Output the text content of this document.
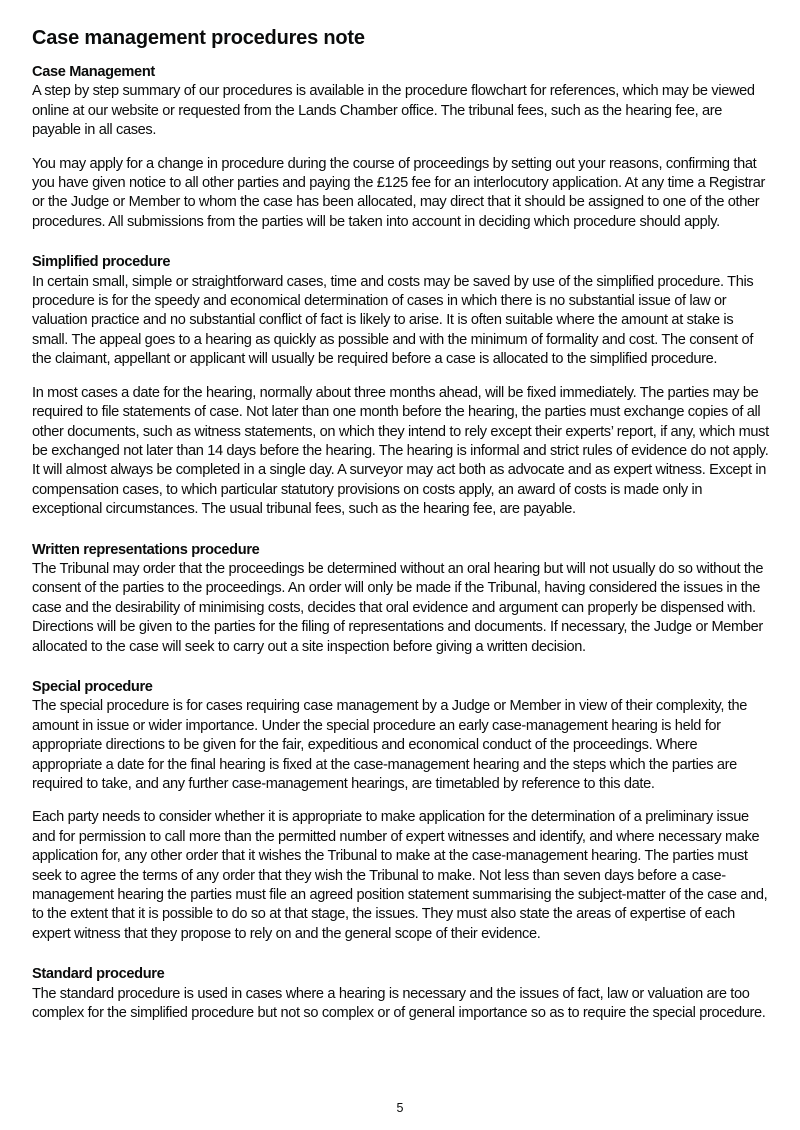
Case management procedures note
Case Management

A step by step summary of our procedures is available in the procedure flowchart for references, which may be viewed online at our website or requested from the Lands Chamber office. The tribunal fees, such as the hearing fee, are payable in all cases.

You may apply for a change in procedure during the course of proceedings by setting out your reasons, confirming that you have given notice to all other parties and paying the £125 fee for an interlocutory application. At any time a Registrar or the Judge or Member to whom the case has been allocated, may direct that it should be assigned to one of the other procedures. All submissions from the parties will be taken into account in deciding which procedure should apply.

Simplified procedure

In certain small, simple or straightforward cases, time and costs may be saved by use of the simplified procedure. This procedure is for the speedy and economical determination of cases in which there is no substantial issue of law or valuation practice and no substantial conflict of fact is likely to arise. It is often suitable where the amount at stake is small. The appeal goes to a hearing as quickly as possible and with the minimum of formality and cost. The consent of the claimant, appellant or applicant will usually be required before a case is allocated to the simplified procedure.

In most cases a date for the hearing, normally about three months ahead, will be fixed immediately. The parties may be required to file statements of case. Not later than one month before the hearing, the parties must exchange copies of all other documents, such as witness statements, on which they intend to rely except their experts’ report, if any, which must be exchanged not later than 14 days before the hearing. The hearing is informal and strict rules of evidence do not apply. It will almost always be completed in a single day. A surveyor may act both as advocate and as expert witness. Except in compensation cases, to which particular statutory provisions on costs apply, an award of costs is made only in exceptional circumstances. The usual tribunal fees, such as the hearing fee, are payable.

Written representations procedure

The Tribunal may order that the proceedings be determined without an oral hearing but will not usually do so without the consent of the parties to the proceedings. An order will only be made if the Tribunal, having considered the issues in the case and the desirability of minimising costs, decides that oral evidence and argument can properly be dispensed with. Directions will be given to the parties for the filing of representations and documents. If necessary, the Judge or Member allocated to the case will seek to carry out a site inspection before giving a written decision.

Special procedure

The special procedure is for cases requiring case management by a Judge or Member in view of their complexity, the amount in issue or wider importance. Under the special procedure an early case-management hearing is held for appropriate directions to be given for the fair, expeditious and economical conduct of the proceedings. Where appropriate a date for the final hearing is fixed at the case-management hearing and the steps which the parties are required to take, and any further case-management hearings, are timetabled by reference to this date.

Each party needs to consider whether it is appropriate to make application for the determination of a preliminary issue and for permission to call more than the permitted number of expert witnesses and identify, and where necessary make application for, any other order that it wishes the Tribunal to make at the case-management hearing. The parties must seek to agree the terms of any order that they wish the Tribunal to make. Not less than seven days before a case-management hearing the parties must file an agreed position statement summarising the subject-matter of the case and, to the extent that it is possible to do so at that stage, the issues. They must also state the areas of expertise of each expert witness that they propose to rely on and the general scope of their evidence.

Standard procedure

The standard procedure is used in cases where a hearing is necessary and the issues of fact, law or valuation are too complex for the simplified procedure but not so complex or of general importance so as to require the special procedure.

5
